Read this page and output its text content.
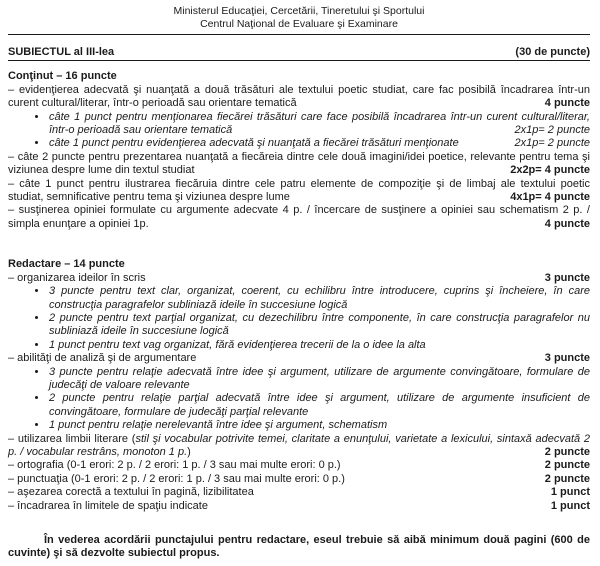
Ministerul Educaţiei, Cercetării, Tineretului şi Sportului
Centrul Naţional de Evaluare şi Examinare
SUBIECTUL al III-lea	(30 de puncte)

Conţinut – 16 puncte

– evidenţierea adecvată şi nuanţată a două trăsături ale textului poetic studiat, care fac posibilă încadrarea într-un curent cultural/literar, într-o perioadă sau orientare tematică	4 puncte

• câte 1 punct pentru menţionarea fiecărei trăsături care face posibilă încadrarea într-un curent cultural/literar, într-o perioadă sau orientare tematică	2x1p= 2 puncte
• câte 1 punct pentru evidenţierea adecvată şi nuanţată a fiecărei trăsături menţionate	2x1p= 2 puncte

– câte 2 puncte pentru prezentarea nuanţată a fiecăreia dintre cele două imagini/idei poetice, relevante pentru tema şi viziunea despre lume din textul studiat	2x2p= 4 puncte

– câte 1 punct pentru ilustrarea fiecăruia dintre cele patru elemente de compoziţie şi de limbaj ale textului poetic studiat, semnificative pentru tema şi viziunea despre lume	4x1p= 4 puncte

– susţinerea opiniei formulate cu argumente adecvate 4 p. / încercare de susţinere a opiniei sau schematism 2 p. / simpla enunţare a opiniei 1p.	4 puncte

Redactare – 14 puncte

– organizarea ideilor în scris	3 puncte

• 3 puncte pentru text clar, organizat, coerent, cu echilibru între introducere, cuprins şi încheiere, în care construcţia paragrafelor subliniază ideile în succesiune logică
• 2 puncte pentru text parţial organizat, cu dezechilibru între componente, în care construcţia paragrafelor nu subliniază ideile în succesiune logică
• 1 punct pentru text vag organizat, fără evidenţierea trecerii de la o idee la alta

– abilităţi de analiză şi de argumentare	3 puncte

• 3 puncte pentru relaţie adecvată între idee şi argument, utilizare de argumente convingătoare, formulare de judecăţi de valoare relevante
• 2 puncte pentru relaţie parţial adecvată între idee şi argument, utilizare de argumente insuficient de convingătoare, formulare de judecăţi parţial relevante
• 1 punct pentru relaţie nerelevantă între idee şi argument, schematism

– utilizarea limbii literare (stil şi vocabular potrivite temei, claritate a enunţului, varietate a lexicului, sintaxă adecvată 2 p. / vocabular restrâns, monoton 1 p.)	2 puncte

– ortografia (0-1 erori: 2 p. / 2 erori: 1 p. / 3 sau mai multe erori: 0 p.)	2 puncte

– punctuaţia (0-1 erori: 2 p. / 2 erori: 1 p. / 3 sau mai multe erori: 0 p.)	2 puncte

– aşezarea corectă a textului în pagină, lizibilitatea	1 punct

– încadrarea în limitele de spaţiu indicate	1 punct

În vederea acordării punctajului pentru redactare, eseul trebuie să aibă minimum două pagini (600 de cuvinte) şi să dezvolte subiectul propus.
